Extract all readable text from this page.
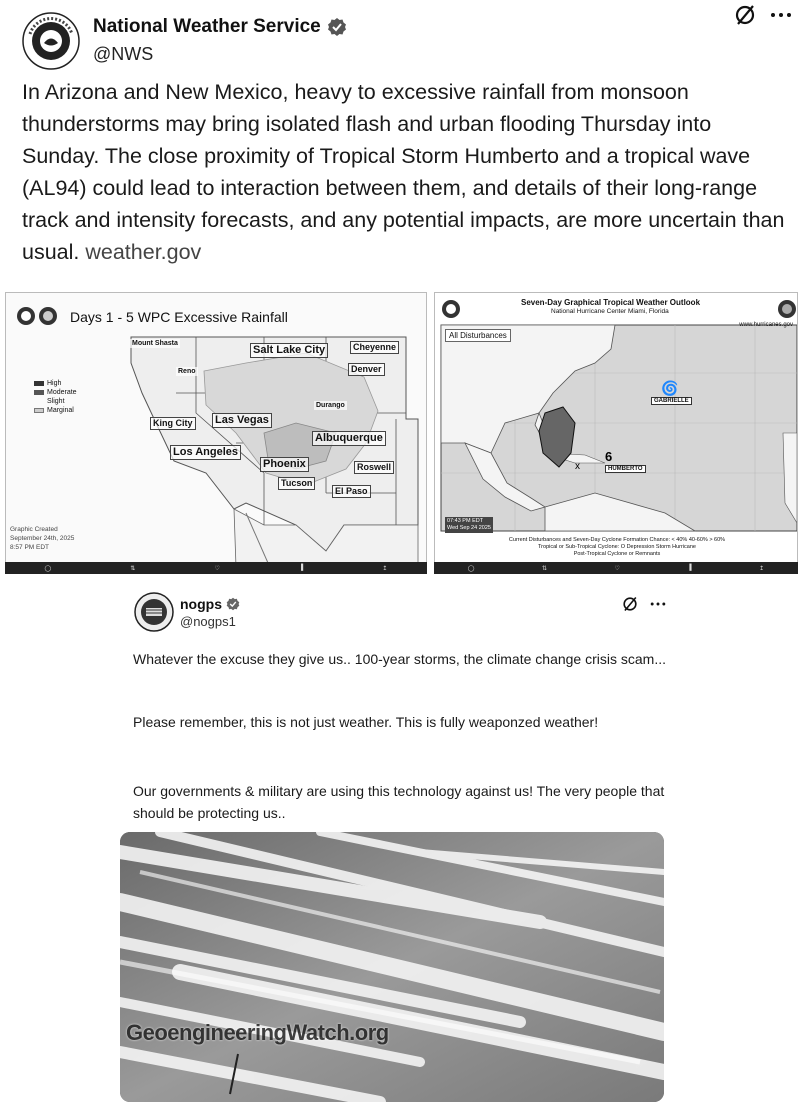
National Weather Service
@NWS
In Arizona and New Mexico, heavy to excessive rainfall from monsoon thunderstorms may bring isolated flash and urban flooding Thursday into Sunday. The close proximity of Tropical Storm Humberto and a tropical wave (AL94) could lead to interaction between them, and details of their long-range track and intensity forecasts, and any potential impacts, are more uncertain than usual. weather.gov
Days 1 - 5 WPC Excessive Rainfall
High
Moderate
Slight
Marginal
Graphic Created
September 24th, 2025
8:57 PM EDT
Mount Shasta
Salt Lake City	Cheyenne
Reno	Denver
Durango
King City Las Vegas
Albuquerque
Los Angeles
Phoenix	Roswell
Tucson
El Paso
🌀
6
x
Seven-Day Graphical Tropical Weather Outlook
National Hurricane Center Miami, Florida
www.hurricanes.gov
All Disturbances
GABRIELLE
HUMBERTO
07:43 PM EDT
Wed Sep 24 2025
Current Disturbances and Seven-Day Cyclone Formation Chance: < 40% 40-60% > 60%
Tropical or Sub-Tropical Cyclone: O Depression Storm Hurricane
Post-Tropical Cyclone or Remnants
◯	⇅	♡	▐	↥	◯	⇅	♡	▐	↥
nogps
@nogps1
Whatever the excuse they give us.. 100-year storms, the climate change crisis scam...
Please remember, this is not just weather. This is fully weaponzed weather!
Our governments & military are using this technology against us! The very people that should be protecting us..
GeoengineeringWatch.org
